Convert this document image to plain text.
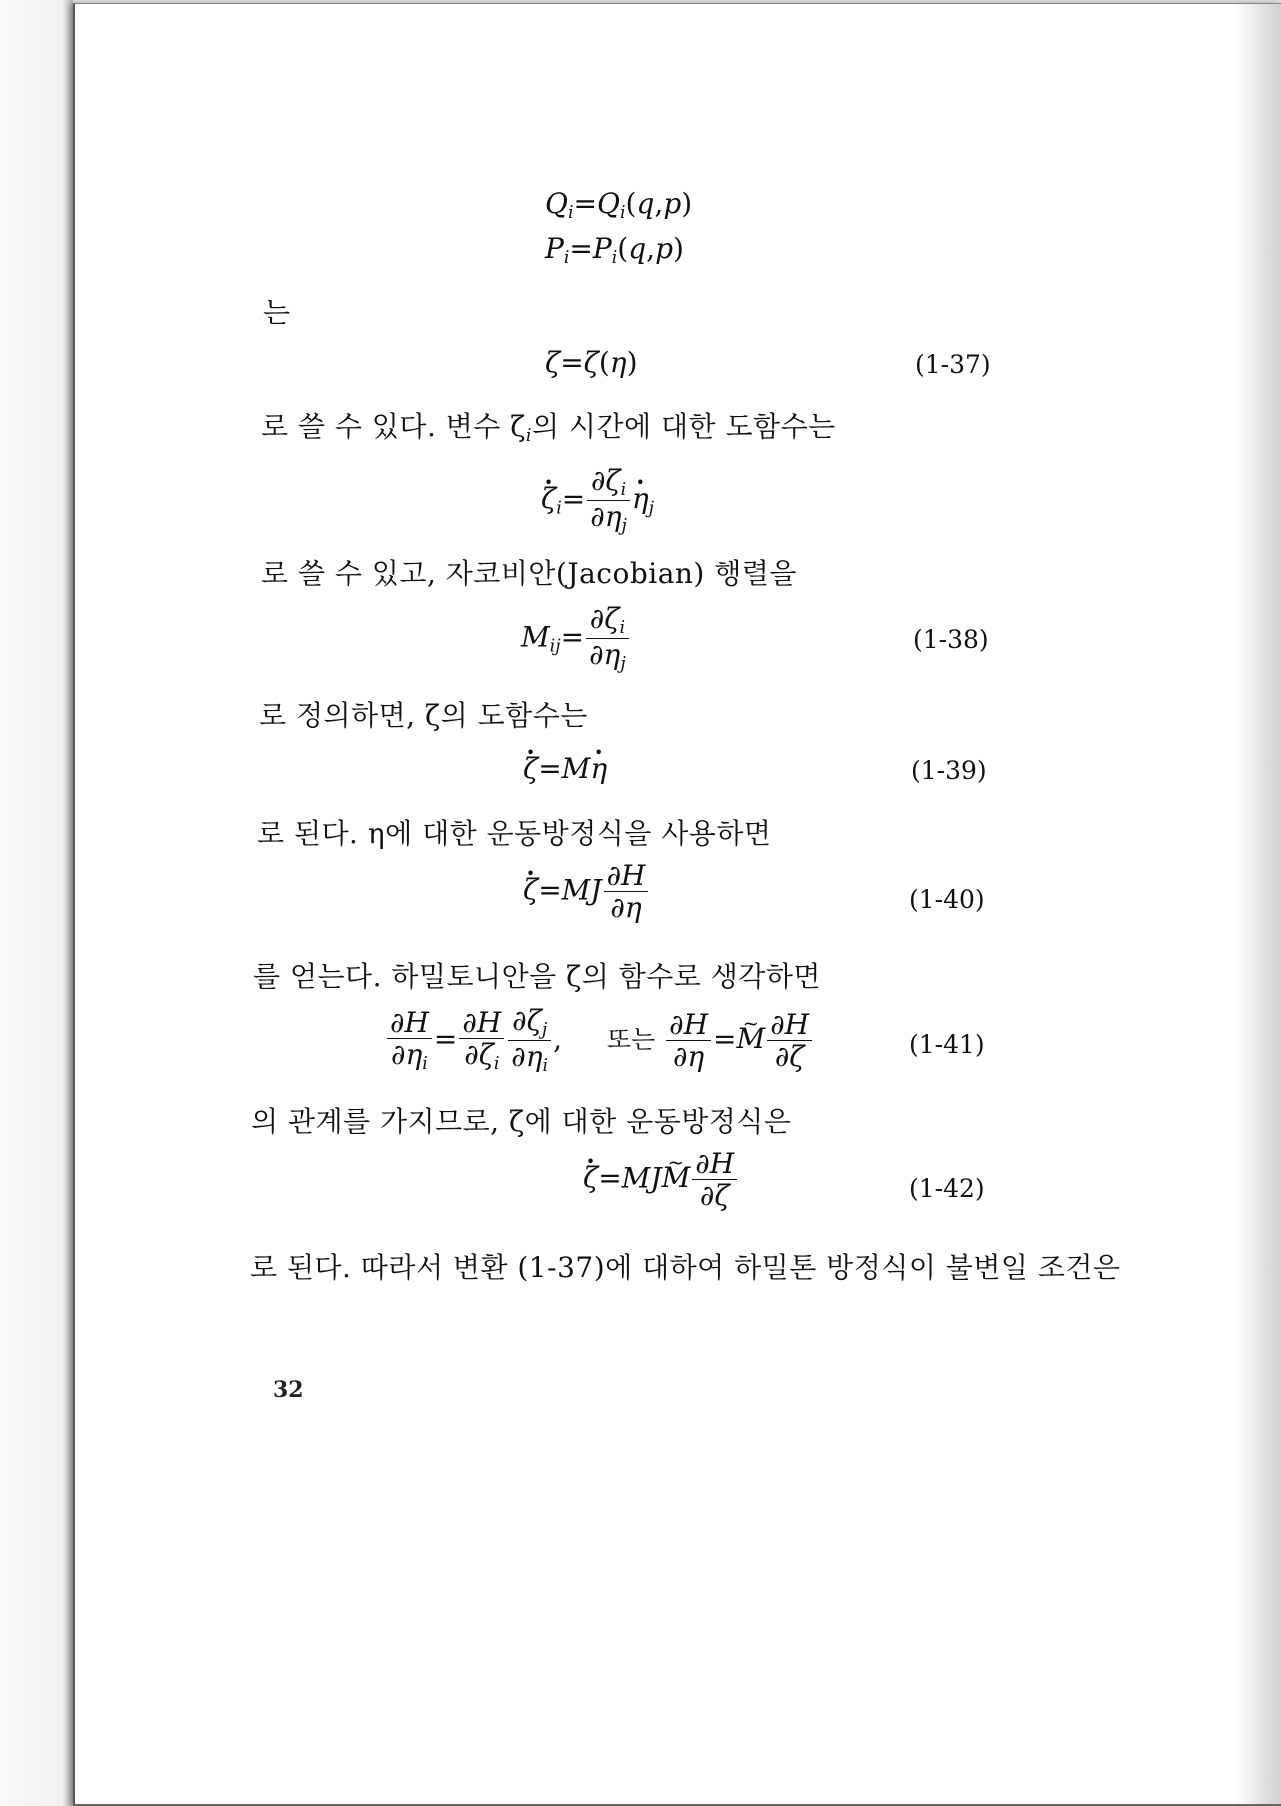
$Q_i=Q_i(q,p)$
$P_i=P_i(q,p)$
는
ζ=ζ(η)	(1-37)
로 쓸 수 있다. 변수 $\zeta_i$의 시간에 대한 도함수는
• $\zeta_i= \frac{\partial\zeta_i}{\partial\eta_j}$
• $\eta_j$
로 쓸 수 있고, 자코비안(Jacobian) 행렬을
$M_{ij}= \frac{\partial\zeta_i}{\partial\eta_j}$	(1-38)
로 정의하면, ζ의 도함수는
• ζ=M• η	(1-39)
로 된다. η에 대한 운동방정식을 사용하면
• $\zeta=MJ \frac{\partial H}{\partial\eta}$	(1-40)
를 얻는다. 하밀토니안을 ζ의 함수로 생각하면
$\frac{\partial H}{\partial\eta_i} = \frac{\partial H}{\partial\zeta_i} \frac{\partial\zeta_j}{\partial\eta_i}$ , 또는 $\frac{\partial H}{\partial\eta}$ =~ M $\frac{\partial H}{\partial\zeta}$	(1-41)
의 관계를 가지므로, ζ에 대한 운동방정식은
• ζ=MJ~ M $\frac{\partial H}{\partial\zeta}$	(1-42)
로 된다. 따라서 변환 (1-37)에 대하여 하밀톤 방정식이 불변일 조건은
32
